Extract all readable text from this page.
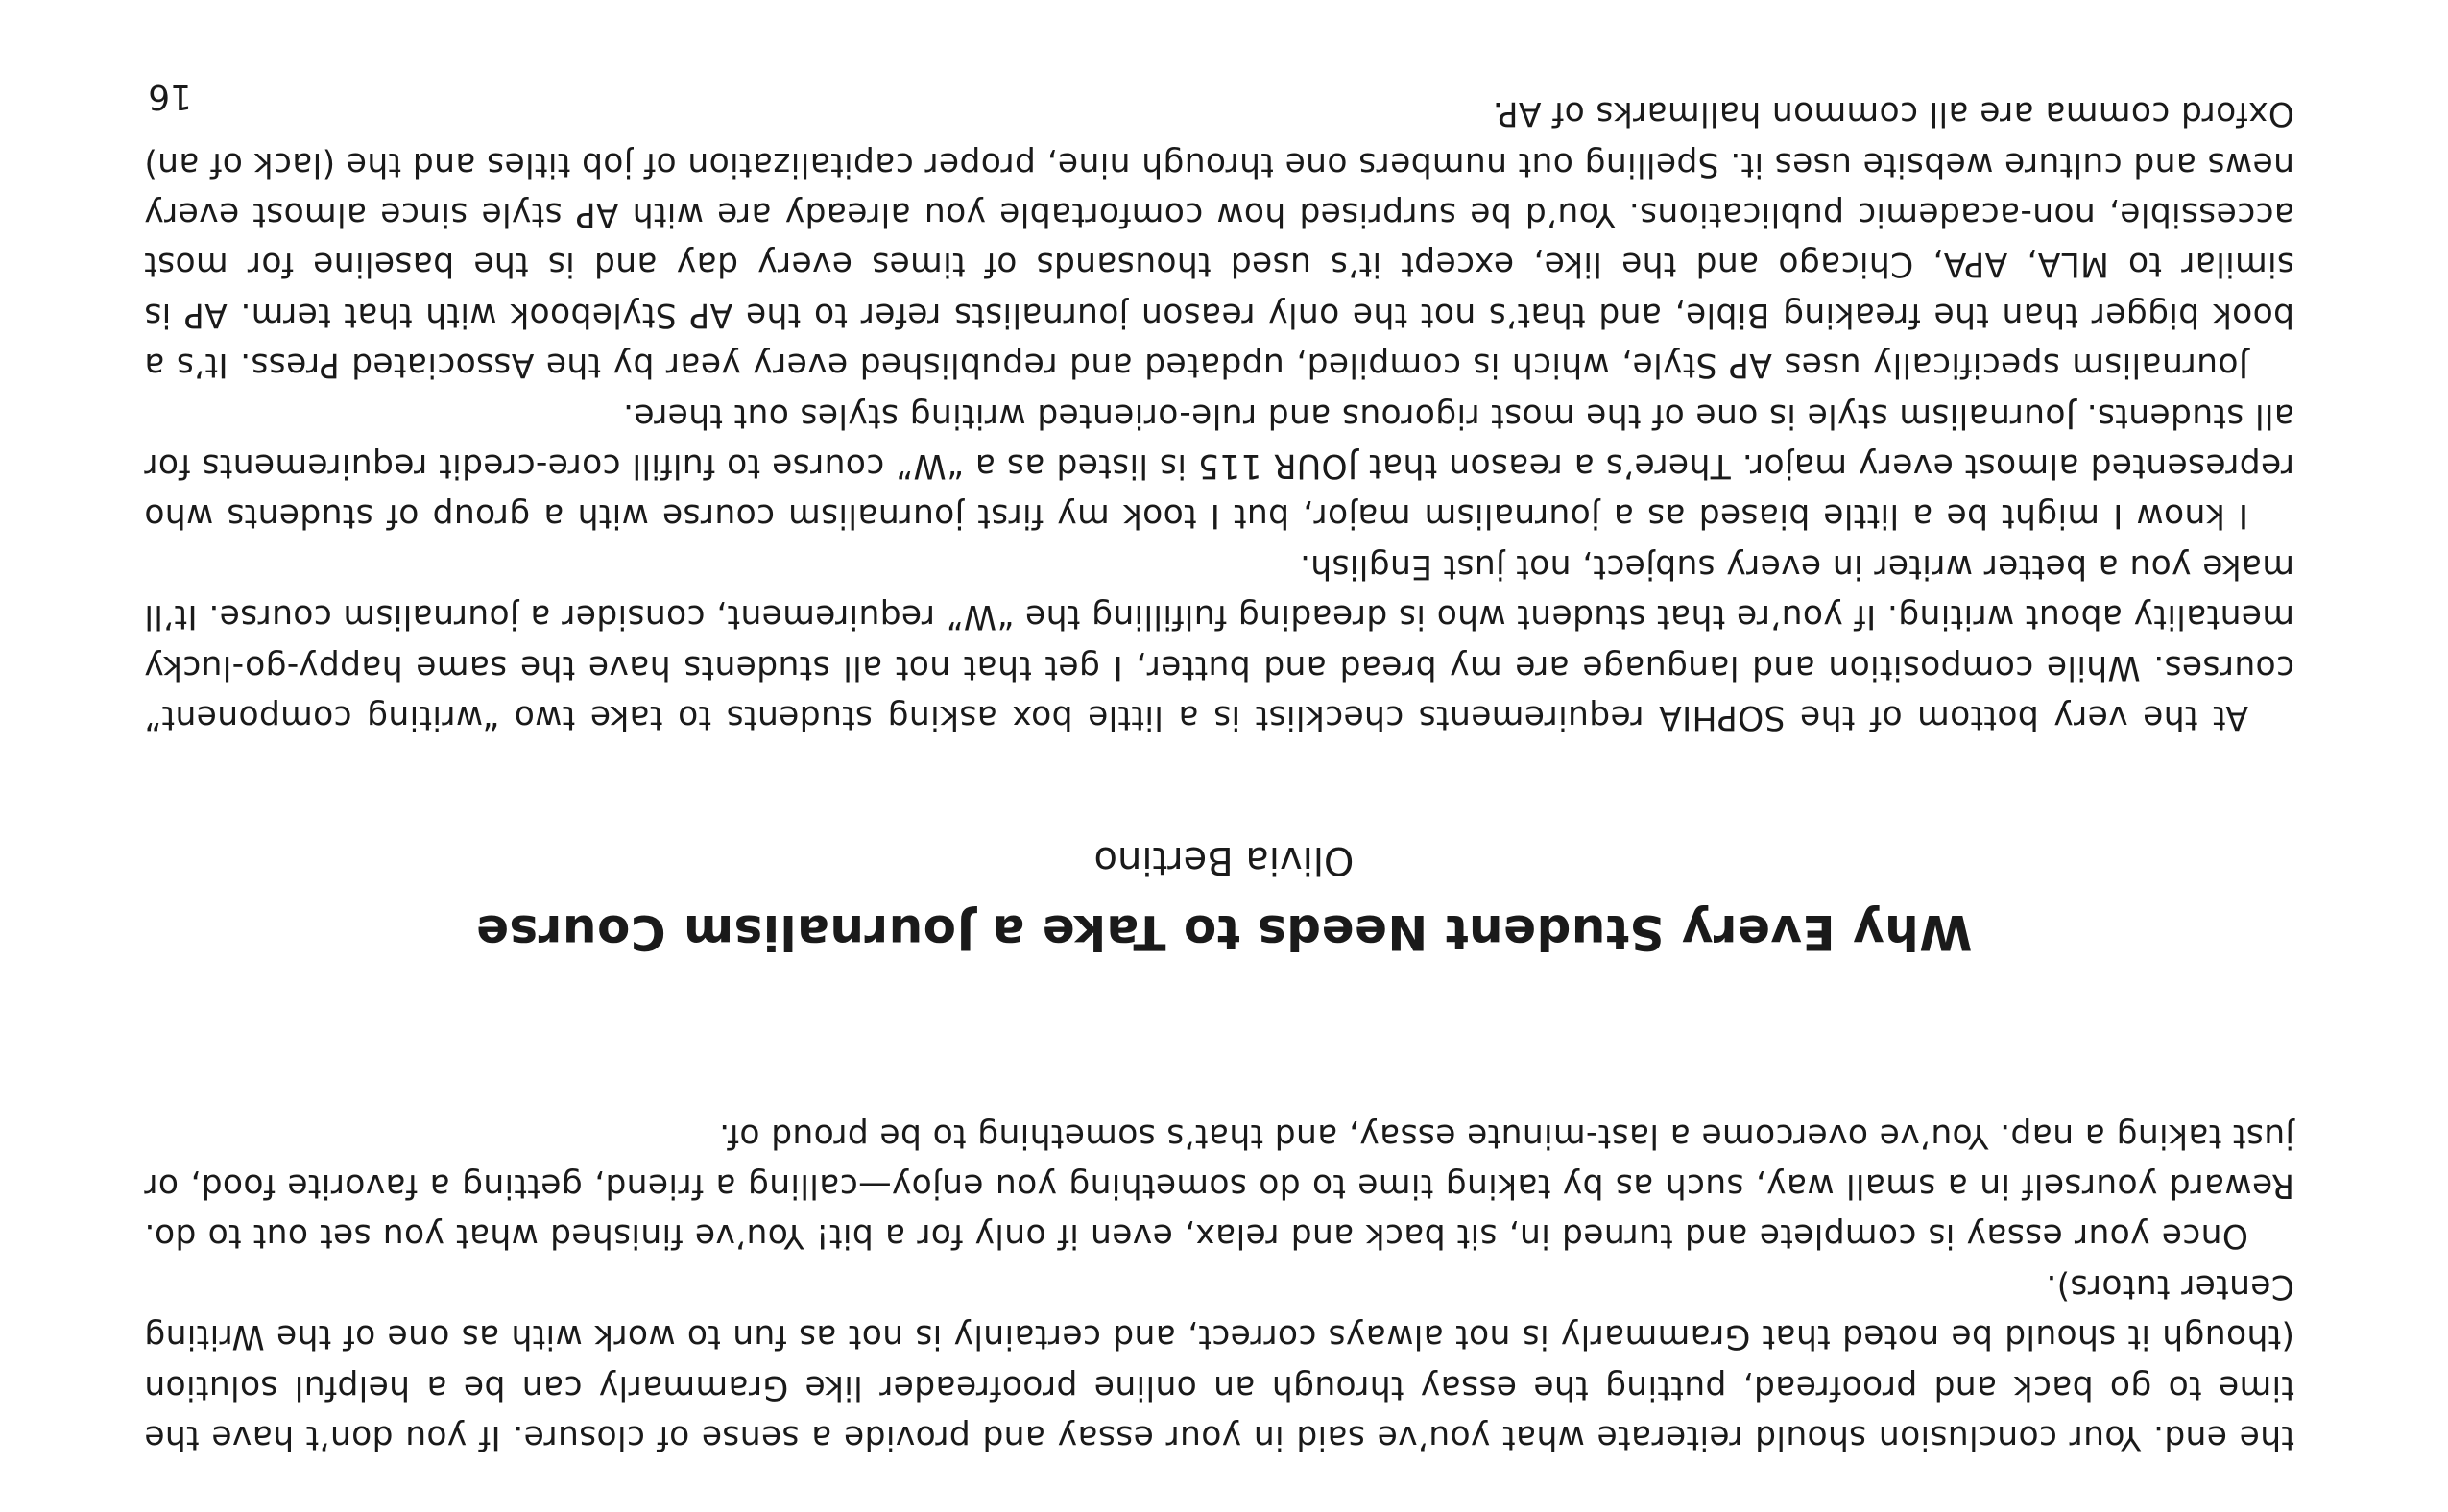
the end. Your conclusion should reiterate what you’ve said in your essay and provide a sense of closure. If you don’t have the time to go back and proofread, putting the essay through an online proofreader like Grammarly can be a helpful solution (though it should be noted that Grammarly is not always correct, and certainly is not as fun to work with as one of the Writing Center tutors).

Once your essay is complete and turned in, sit back and relax, even if only for a bit! You’ve finished what you set out to do. Reward yourself in a small way, such as by taking time to do something you enjoy—calling a friend, getting a favorite food, or just taking a nap. You’ve overcome a last-minute essay, and that’s something to be proud of.

Why Every Student Needs to Take a Journalism Course

Olivia Bertino

At the very bottom of the SOPHIA requirements checklist is a little box asking students to take two “writing component” courses. While composition and language are my bread and butter, I get that not all students have the same happy-go-lucky mentality about writing. If you’re that student who is dreading fulfilling the “W” requirement, consider a journalism course. It’ll make you a better writer in every subject, not just English.

I know I might be a little biased as a journalism major, but I took my first journalism course with a group of students who represented almost every major. There’s a reason that JOUR 115 is listed as a “W” course to fulfill core-credit requirements for all students. Journalism style is one of the most rigorous and rule-oriented writing styles out there.

Journalism specifically uses AP Style, which is compiled, updated and republished every year by the Associated Press. It’s a book bigger than the freaking Bible, and that’s not the only reason journalists refer to the AP Stylebook with that term. AP is similar to MLA, APA, Chicago and the like, except it’s used thousands of times every day and is the baseline for most accessible, non-academic publications. You’d be surprised how comfortable you already are with AP style since almost every news and culture website uses it. Spelling out numbers one through nine, proper capitalization of job titles and the (lack of an) Oxford comma are all common hallmarks of AP.

16
